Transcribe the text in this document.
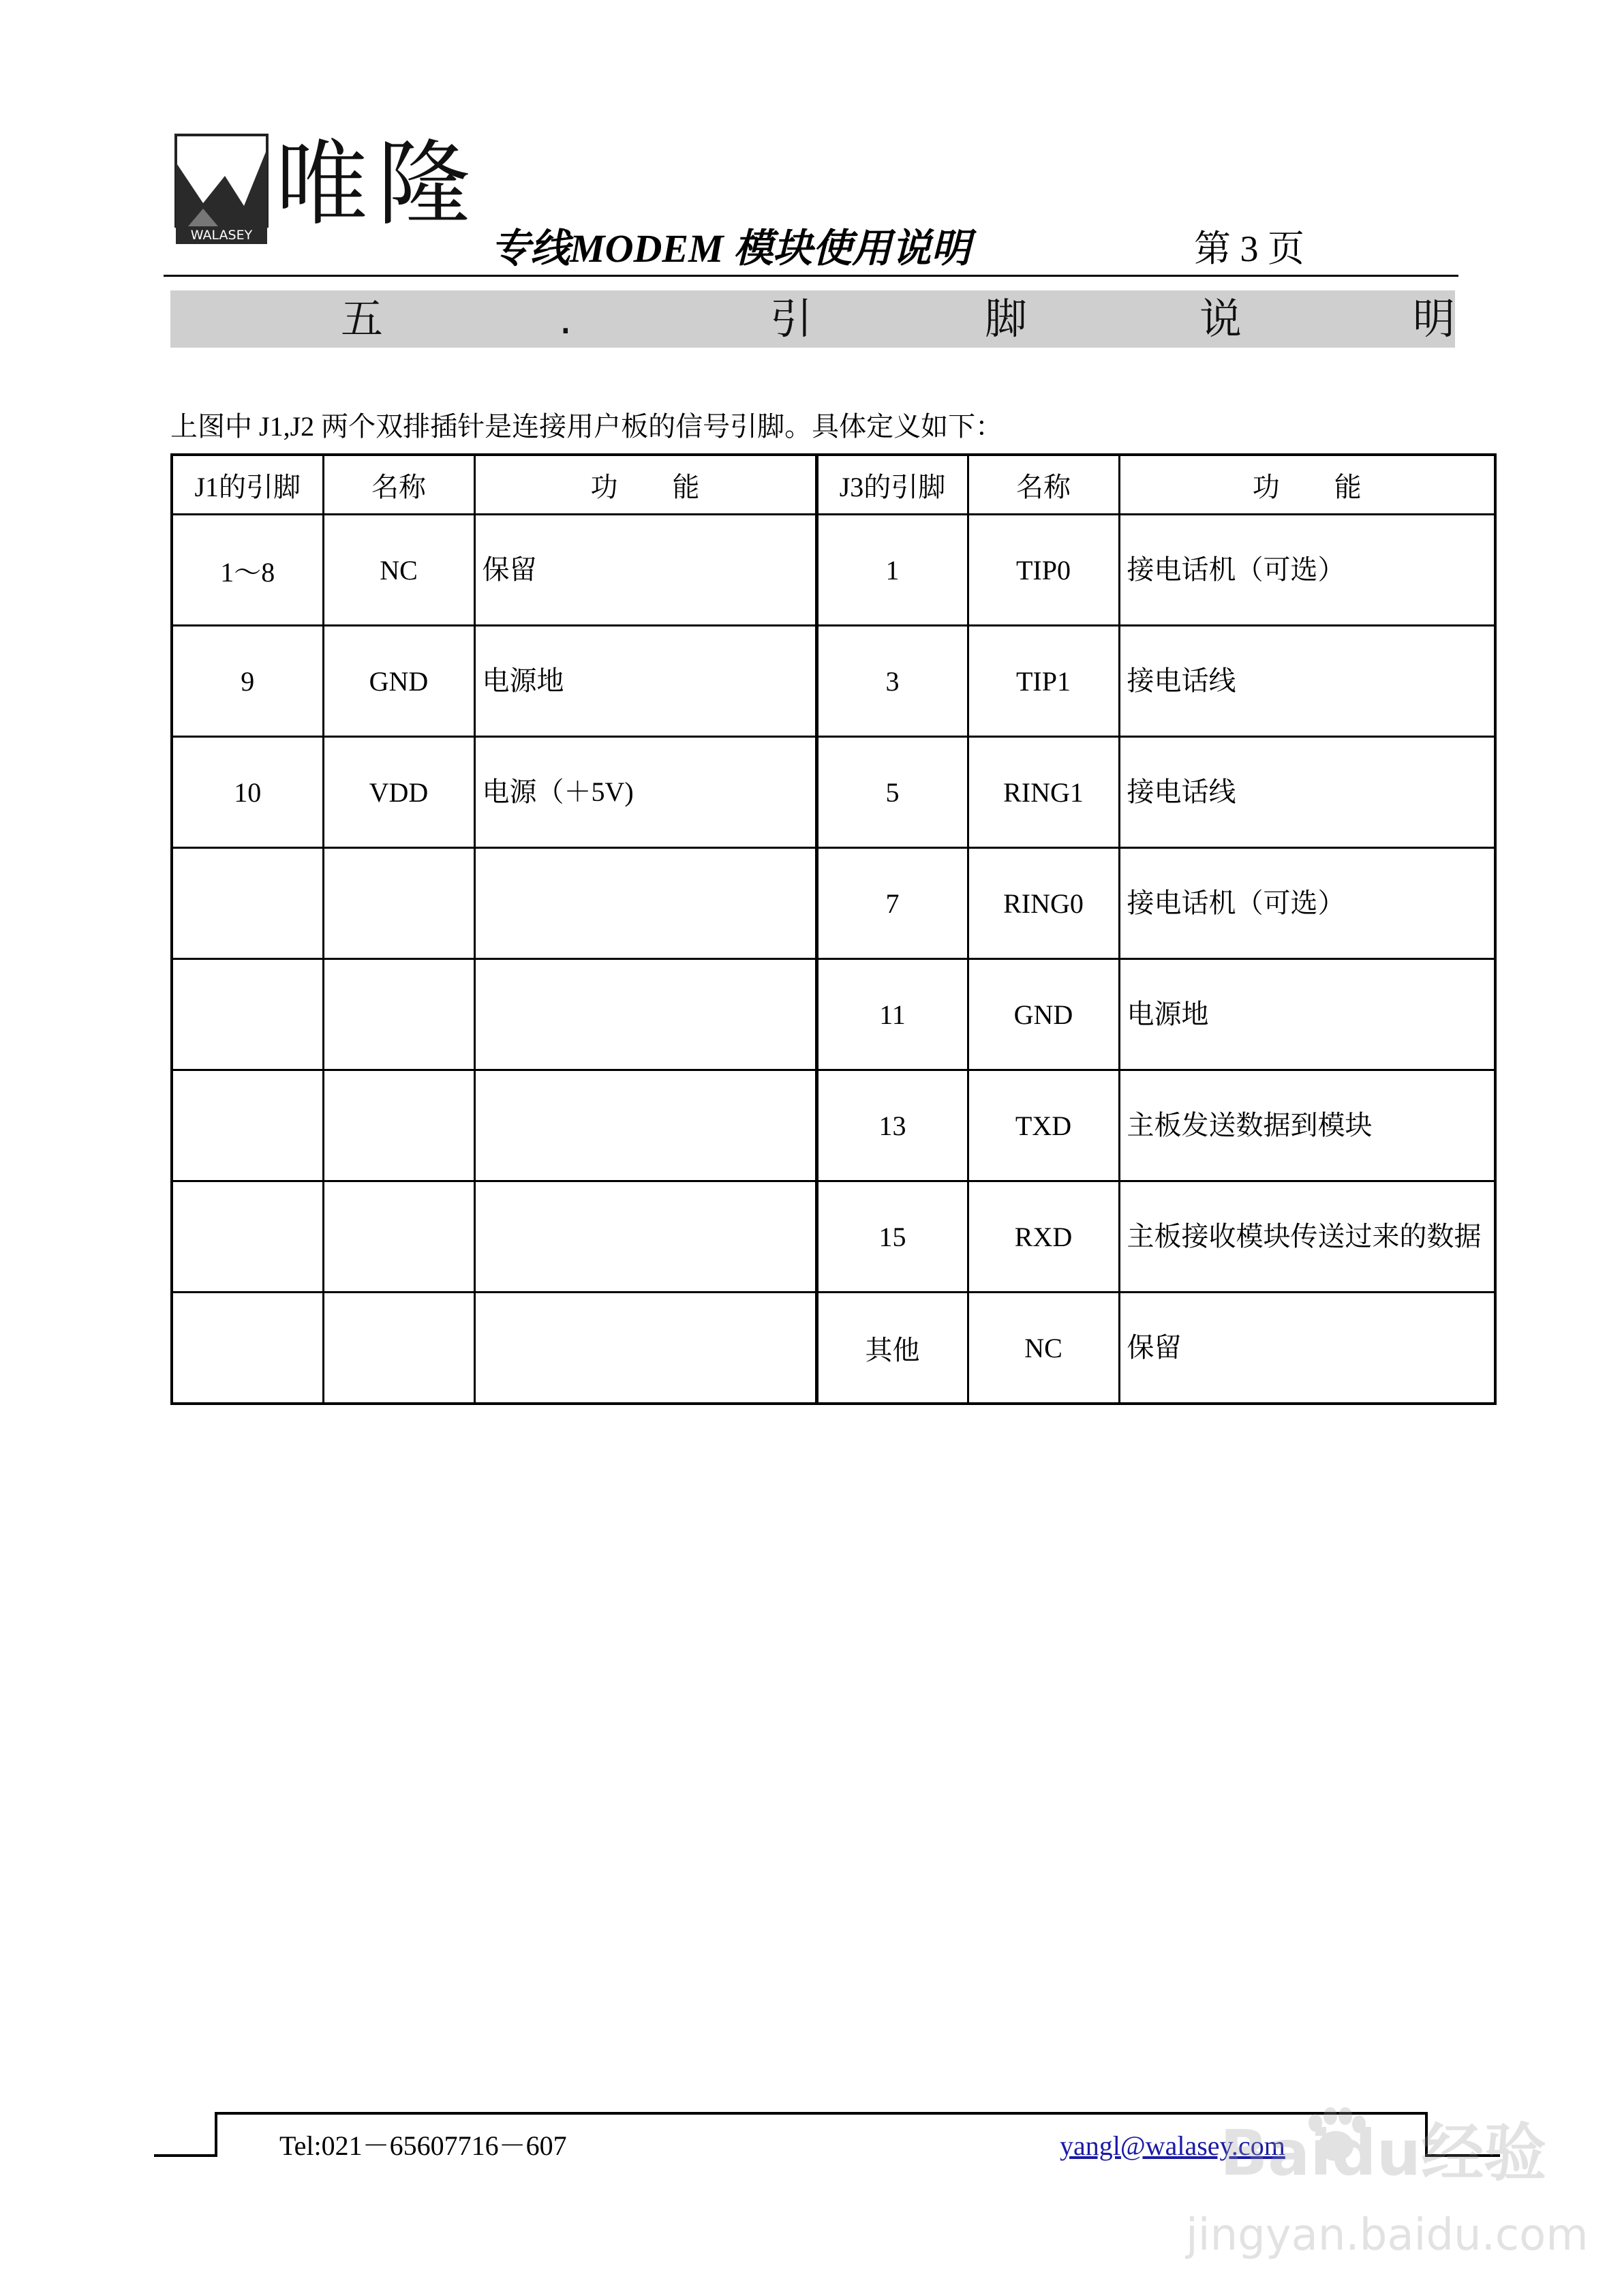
WALASEY 唯隆
专线MODEM 模块使用说明	第 3 页
五	.	引	脚	说	明
上图中 J1,J2 两个双排插针是连接用户板的信号引脚。具体定义如下：
J1的引脚	名称	功　　能	J3的引脚	名称	功　　能
1～8	NC	保留	1	TIP0	接电话机（可选）
9	GND	电源地	3	TIP1	接电话线
10	VDD	电源（＋5V)	5	RING1	接电话线
			7	RING0	接电话机（可选）
			11	GND	电源地
			13	TXD	主板发送数据到模块
			15	RXD	主板接收模块传送过来的数据
			其他	NC	保留
Tel:021－65607716－607	yangl@walasey.com
Baidu经验
jingyan.baidu.com
